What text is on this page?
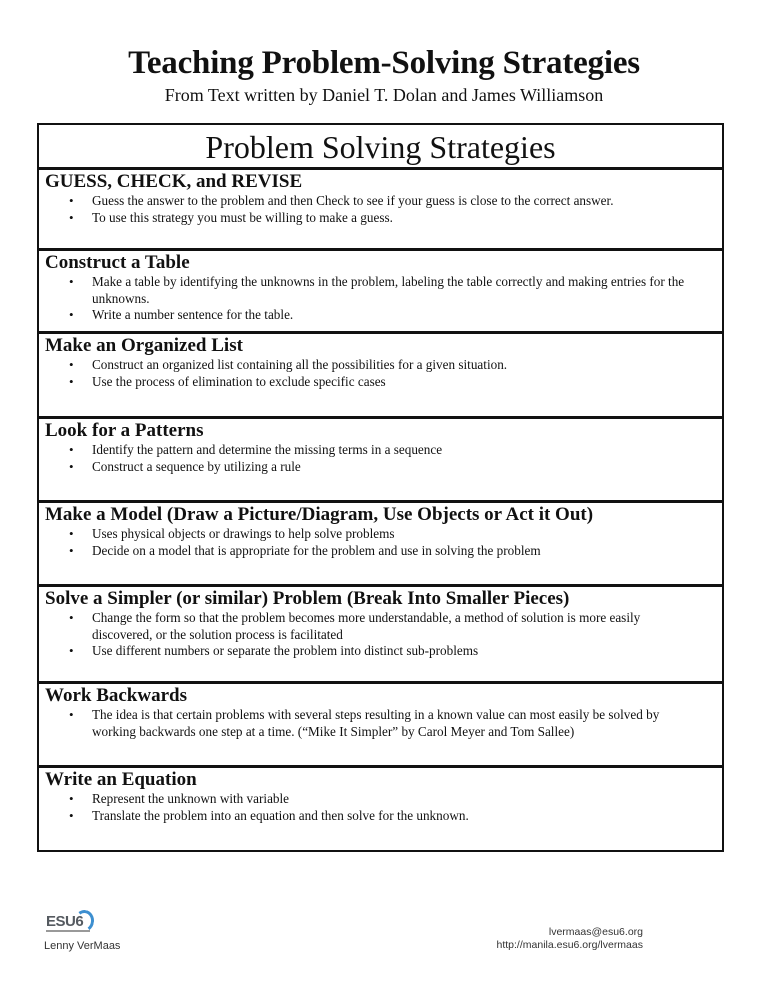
Teaching Problem-Solving Strategies
From Text written by Daniel T. Dolan and James Williamson
Problem Solving Strategies
GUESS, CHECK, and REVISE
• Guess the answer to the problem and then Check to see if your guess is close to the correct answer.
• To use this strategy you must be willing to make a guess.
Construct a Table
• Make a table by identifying the unknowns in the problem, labeling the table correctly and making entries for the unknowns.
• Write a number sentence for the table.
Make an Organized List
• Construct an organized list containing all the possibilities for a given situation.
• Use the process of elimination to exclude specific cases
Look for a Patterns
• Identify the pattern and determine the missing terms in a sequence
• Construct a sequence by utilizing a rule
Make a Model (Draw a Picture/Diagram, Use Objects or Act it Out)
• Uses physical objects or drawings to help solve problems
• Decide on a model that is appropriate for the problem and use in solving the problem
Solve a Simpler (or similar) Problem (Break Into Smaller Pieces)
• Change the form so that the problem becomes more understandable, a method of solution is more easily discovered, or the solution process is facilitated
• Use different numbers or separate the problem into distinct sub-problems
Work Backwards
• The idea is that certain problems with several steps resulting in a known value can most easily be solved by working backwards one step at a time. (“Mike It Simpler” by Carol Meyer and Tom Sallee)
Write an Equation
• Represent the unknown with variable
• Translate the problem into an equation and then solve for the unknown.
ESU6
Lenny VerMaas
lvermaas@esu6.org
http://manila.esu6.org/lvermaas
